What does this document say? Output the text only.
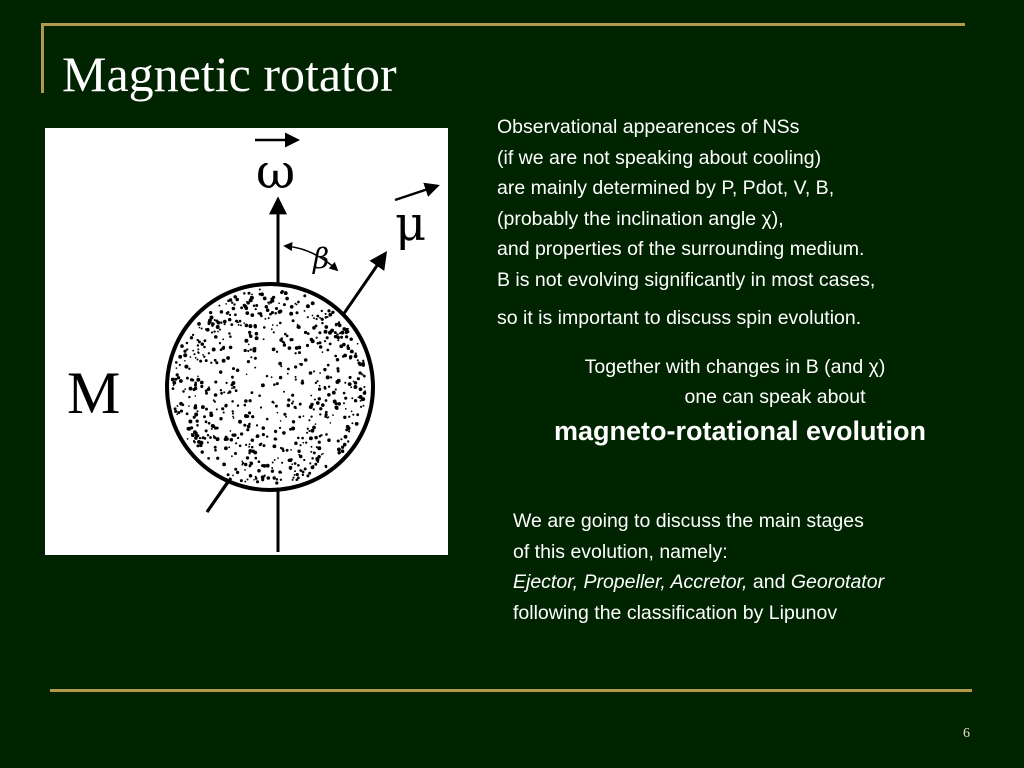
Magnetic rotator
ω
μ
β
M
Observational appearences of NSs
(if we are not speaking about cooling)
are mainly determined by P, Pdot, V, B,
(probably the inclination angle χ),
and properties of the surrounding medium.
B is not evolving significantly in most cases,
so it is important to discuss spin evolution.
Together with changes in B (and χ)
one can speak about
magneto-rotational evolution
We are going to discuss the main stages
of this evolution, namely:
Ejector, Propeller, Accretor, and Georotator
following the classification by Lipunov
6
